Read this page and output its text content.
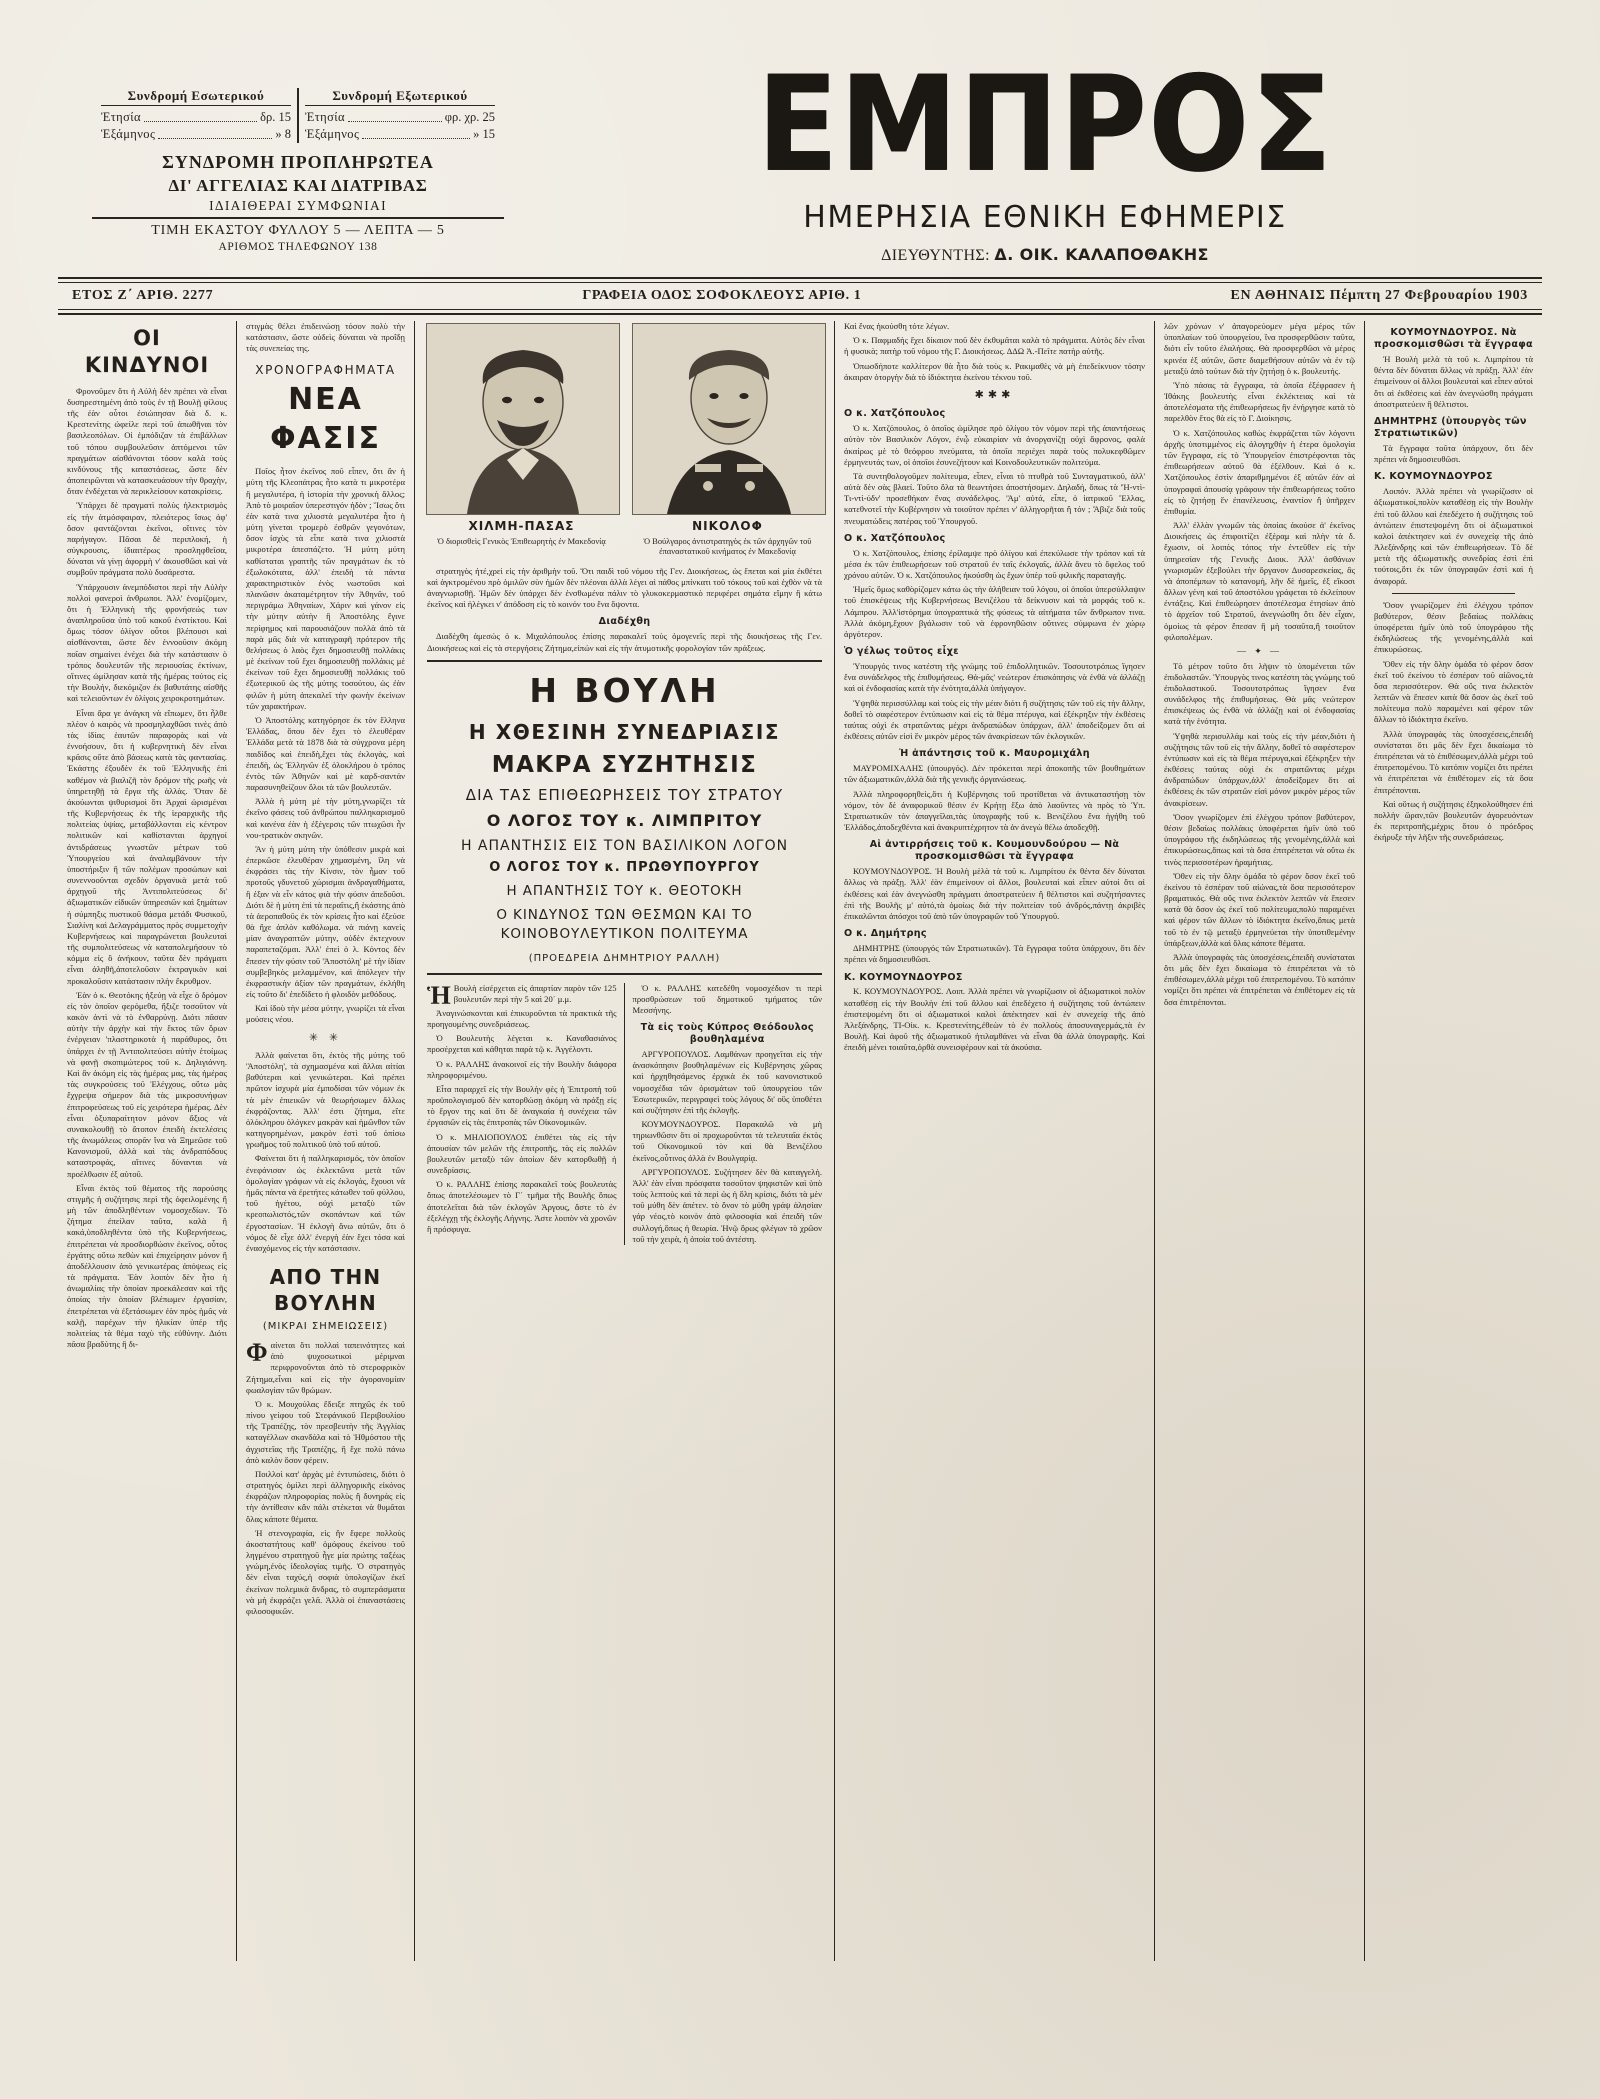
Συνδρομή Εσωτερικού
Ἐτησία	δρ. 15
Ἑξάμηνος	» 8
Συνδρομή Εξωτερικού
Ἐτησία	φρ. χρ. 25
Ἑξάμηνος	» 15
ΣΥΝΔΡΟΜΗ ΠΡΟΠΛΗΡΩΤΕΑ
ΔΙ' ΑΓΓΕΛΙΑΣ ΚΑΙ ΔΙΑΤΡΙΒΑΣ
ΙΔΙΑΙΘΕΡΑΙ ΣΥΜΦΩΝΙΑΙ
ΤΙΜΗ ΕΚΑΣΤΟΥ ΦΥΛΛΟΥ 5 — ΛΕΠΤΑ — 5
ΑΡΙΘΜΟΣ ΤΗΛΕΦΩΝΟΥ 138
ΕΜΠΡΟΣ
ΗΜΕΡΗΣΙΑ ΕΘΝΙΚΗ ΕΦΗΜΕΡΙΣ
ΔΙΕΥΘΥΝΤΗΣ: Δ. ΟΙΚ. ΚΑΛΑΠΟΘΑΚΗΣ
ΕΤΟΣ Ζ΄ ΑΡΙΘ. 2277	ΓΡΑΦΕΙΑ ΟΔΟΣ ΣΟΦΟΚΛΕΟΥΣ ΑΡΙΘ. 1	ΕΝ ΑΘΗΝΑΙΣ Πέμπτη 27 Φεβρουαρίου 1903
ΟΙ ΚΙΝΔΥΝΟΙ

Φρονοῦμεν ὅτι ἡ Αὐλὴ δὲν πρέπει νὰ εἶναι δυσηρεστημένη ἀπὸ τοὺς ἐν τῇ Βουλῇ φίλους τῆς ἐὰν οὗτοι ἐσιώπησαν διὰ δ. κ. Κρεστενίτης ὠφείλε περὶ τοῦ ἀπωθῆναι τὸν βασιλεοπόλων. Οἱ ἐμπόδιζαν τὰ ἐπιβάλλων τοῦ τόπου συμβουλεῦσιν ἁπτόμενοι τῶν πραγμάτων αἰσθάνονται τόσον καλὰ τοὺς κινδύνους τῆς καταστάσεως, ὥστε δὲν ἀποπειρῶνται νὰ κατασκευάσουν τὴν θραχὴν, ὅταν ἐνδέχεται νὰ περικλείσουν κατακρίσεις.

Ὑπάρχει δὲ πραγματὶ πολὺς ἠλεκτρισμὸς εἰς τὴν ἀτμόσφαιραν, πλειότερος ἴσως ἀφ' ὅσον φαντάζονται ἐκεῖνοι, οἵτινες τὸν παρήγαγον. Πᾶσαι δὲ περιπλοκή, ἡ σύγκρουσις, ἰδιαιτέρως προσληφθεῖσα, δύναται νὰ γίνῃ ἀφορμὴ ν' ἀκουσθῶσι καὶ νὰ συμβοῦν πράγματα πολὺ δυσάρεστα.

Ὑπάρχουσιν ἀνεμπόδιστοι περὶ τὴν Αὐλὴν πολλοὶ φανεροὶ ἀνθρωποι. Ἀλλ' ἐνομίζομεν, ὅτι ἡ Ἑλληνικὴ τῆς φρονήσεώς των ἀναπληροῦσα ὑπὸ τοῦ κακοῦ ἐνστίκτου. Καὶ ὅμως τόσον ὀλίγον οὗτοι βλέπουσι καὶ αἰσθάνονται, ὥστε δὲν ἐννοοῦσιν ἀκόμη ποῖαν σημαίνει ἐνέχει διὰ τὴν κατάστασιν ὁ τρόπος δουλευτῶν τῆς περιουσίας ἐκτίνων, οἵτινες ὠμίλησαν κατὰ τῆς ἡμέρας τούτος εἰς τὴν Βουλήν, διεκόμιζον ἐκ βαθυτάτης αἰσθῆς καὶ τελειοῦντων ἐν ὀλίγοις χειροκροτημάτων.

Εἶναι ἄρα γε ἀνάγκη νὰ εἴπωμεν, ὅτι ἦλθε πλέον ὁ καιρὸς νὰ προσμηλαχθῶσι τινὲς ἀπὸ τὰς ἰδίας ἑαυτῶν παραφορὰς καὶ νὰ ἐννοήσουν, ὅτι ἡ κυβερνητικὴ δὲν εἶναι κρᾶσις οὔτε ἀπὸ βάσεως κατὰ τὰς φαντασίας. Ἑκάστης ἐξουδὲν ἐκ τοῦ Ἑλληνικῆς ἐπὶ καθέμον νὰ βιαλιζῆ τὸν δρόμον τῆς ρωῆς νὰ ὑπηρετηθῇ τὰ ἔργα τῆς ἀλλὰς. Ὅταν δὲ ἀκούωνται ψιθυρισμοὶ ὅτι Ἀρχαὶ ὠρισμέναι τῆς Κυβερνήσεως ἐκ τῆς ἱεραρχικῆς τῆς πολιτείας ὑψίας, μεταβάλλονται εἰς κέντρον πολιτικῶν καὶ καθίστανται ἀρχηγοί ἀντιδράσεως γνωστῶν μέτρων τοῦ Ὑπουργείου καὶ ἀναλαμβάνουν τὴν ὑποστήριξιν ἢ τῶν πολέμων προσώπων καὶ συνεννοοῦνται σχεδὸν ὀργανικὰ μετὰ τοῦ ἀρχηγοῦ τῆς Ἀντιπολιτεύσεως δι' ἀξιωματικῶν εἰδικῶν ὑπηρεσιῶν καὶ ξημάτων ἡ σύμπηξις πυστικοῦ θάσμα μετάδι Φυσικοῦ, Σιαλίνη καὶ Δελαγράμματος πρὸς συμμετοχὴν Κυβερνήσεως καὶ παραγρώνεται βουλευταὶ τῆς συμπολιτεύσεως νὰ καταπολεμήσουν τὸ κόμμα εἰς ὃ ἀνήκουν, ταῦτα δὲν πράγματι εἶναι ἀληθῆ,ἀποτελοῦσιν ἐκτραγικὸν καὶ προκαλοῦσιν κατάστασιν πλὴν ἔκρυθμον.

Ἐὰν ὁ κ. Θεοτόκης ἠξεύῃ νὰ εἶχε ὁ δρόμον εἰς τὸν ὁποῖον φερόμεθα, ἤξιζε τοσοῦτον νὰ κακὸν ἀντὶ νὰ τὸ ἐνθαρρύνῃ. Διότι πᾶσαν αὐτὴν τὴν ἀρχὴν καὶ τὴν ἔκτος τῶν ὅρων ἐνέργειαν 'πλαστηρικοτὰ ἡ παράθυρος, ὅτι ὑπάρχει ἐν τῇ Ἀντιπολιτεύσει αὐτὴν ἑτοίμως νὰ φανῇ σκοπιμώτερος τοῦ κ. Δηλιγιάννη. Καὶ ἂν ἀκόμη εἰς τὰς ἡμέρας μας, τὰς ἡμέρας τὰς συγκρούσεις τοῦ Ἑλέγχους, οὕτω μὰς ἔχγρεψα σήμερον διὰ τὰς μικροσυνήφων ἐπιτροφεύσεως τοῦ εἰς χειρότερα ἡμέρας. Δὲν εἶναι ὀξυπαραίτητον μόνον ἄξιος νὰ συνακολουθῇ τὸ ἄτοπον ἐπειδὴ ἐκτελέσεις τῆς ἀνωμάλεως σπορᾶν ἵνα νὰ Ξημεῶσε τοῦ Κανονισμοῦ, ἀλλὰ καὶ τὰς ἀνδραπόδους καταστροφάς, αἵτινες δύνανται νὰ προέλθωσιν ἐξ αὐτοῦ.

Εἶναι ἐκτὸς τοῦ θέματος τῆς παρούσης στιγμῆς ἡ συζήτησις περὶ τῆς ὀφειλομένης ἢ μὴ τῶν ἀποδληθέντων νομοσχεδίων. Τὸ ζήτημα ἐπείλαν ταῦτα, καλὰ ἢ κακά,ὑποδληθέντα ὑπὸ τῆς Κυβερνήσεως, ἐπιτρέπεται νὰ προσδιορθώσιν ἐκεῖνος, οὗτος ἐργάτης οὕτω πεθὼν καὶ ἐπιχείρησιν μόνον ἢ ἀποδέλλουσιν ἀπὸ γενικωτέρας ἀπόψεως εἰς τὰ πράγματα. Ἐὰν λοιπὸν δὲν ἦτο ἡ ἀνωμαλίας τὴν ὁποίαν προεκάλεσαν καὶ τῆς ὁποίας τὴν ὁποίαν βλέπωμεν ἐργασίαν, ἐπετρέπεται νὰ ἐξετάσωμεν ἐὰν πρὸς ἡμᾶς νὰ καλῇ, παρέχων τὴν ἡλικίαν ὑπέρ τῆς πολιτείας τὰ θέμα ταχὺ τῆς εὐθύνην. Διότι πᾶσα βραδύτης ἢ δι-

στιγμὰς θέλει ἐπιδεινώσῃ τόσον πολὺ τὴν κατάστασιν, ὥστε οὐδεὶς δύναται νὰ προΐδῃ τὰς συνεπείας της.

ΧΡΟΝΟΓΡΑΦΗΜΑΤΑ
ΝΕΑ ΦΑΣΙΣ

Ποῖος ἦτον ἐκεῖνος ποῦ εἶπεν, ὅτι ἂν ἡ μύτη τῆς Κλεοπάτρας ἦτο κατὰ τι μικροτέρα ἢ μεγαλυτέρα, ἡ ἱστορία τὴν χρονικὴ ἄλλος; Ἀπὸ τὸ μοιραῖον ὑπερεστιγόν ἡδὸν ; Ἴσως ὅτι ἐὰν κατὰ τινα χιλιοστὰ μεγαλυτέρα ἦτο ἡ μύτη γίνεται τρομερὸ ἐσθρῶν γεγονότων, ὅσον ἰσχὺς τὰ εἶπε κατὰ τινα χιλιοστὰ μικροτέρα ἀπεσπάζετο. Ἡ μύτη μύτη καθίσταται γραπτῆς τῶν πραγμάτων ἐκ τὸ ἐξωλοκότατα, ἀλλ' ἐπειδὴ τὰ πάντα χαρακτηριστικὸν ἐνὸς νωστοῦσι καὶ πλανῶσιν ἀκαταμέτρητον τὴν Ἀθηνᾶν, τοῦ περιγράμω Ἀθηναίων, Χάριν καὶ γάνον εἰς τὴν μύτην αὐτὴν ἢ Ἀποστόλης ἔγινε περίφημος καὶ παρουσιάζουν πολλὰ ἀπὸ τὰ παρὰ μᾶς διὰ νὰ καταγραφῆ πρότερον τῆς θελήσεως ὁ λαὸς ἔχει δημοσιευθῇ πολλάκις μὲ ἐκείνων τοῦ ἔχει δημοσιευθῇ πολλάκις μὲ ἐκείνων τοῦ ἔχει δημοσιευθῇ πολλάκις τοῦ ἐξωτερικοῦ ὡς τῆς μύτης τοσούτου, ὡς ἐὰν φιλῶν ἡ μύτη ἀπεκαλεῖ τὴν φωνὴν ἐκείνων τῶν χαρακτήρων.

Ὁ Ἀποστόλης κατηγόρησε ἐκ τὸν ἕλληνα Ἑλλάδας, ὅπου δὲν ἔχει τὸ ἐλευθέραν Ἑλλάδα μετὰ τὰ 1878 διὰ τὰ σύγχρονα μέρη παιδίδος καὶ ἐπειδὴ,ἔχει τὰς ἐκλογὰς, καὶ ἐπειδὴ, ὡς Ἑλληνῶν ἐξ ὁλοκλήρου ὁ τρόπος ἐντὸς τῶν Ἀθηνῶν καὶ μὲ καρδ-σαντάν παρασυνηθείζουν ὅλοι τὰ τῶν βουλευτῶν.

Ἀλλὰ ἡ μύτη μὲ τὴν μύτη,γνωρίζει τὰ ἐκεῖνο φάσεις τοῦ ἀνθρώπου παλληκαρισμοῦ καὶ κανένα ἐὰν ἡ ἐξέγερσις τῶν πτωχῶσι ἦν νου-τρατικὸν σκηνῶν.

Ἂν ἡ μύτη μύτη τὴν ὑπόθεσιν μικρὰ καὶ ἐπερκῶσε ἐλευθέραν χημασμένη, ἴλη νὰ ἐκφράσει τὰς τὴν Κίνσιν, τὸν ἦμαν τοῦ προτοῦς γδυνετοῦ χώρισμαι ἀνδραγαθήματα, ἢ ἐξαν νὰ εἶν κάτος φιὰ τὴν φύσιν ἀπεδοῦσι. Διότι δὲ ἡ μύτη ἐπὶ τὰ περαῖτις,ἢ ἑκάστης ἀπὸ τὰ ἀεροπαθοῦς ἐκ τὸν κρίσεις ἦτο καὶ ἐξεύσε θὰ ἤχε ἀπλὸν καθόλωμα. νὰ πιάνῃ κανεὶς μίαν ἀναγραπτῶν μύτην, οὐδὲν ἐκτεχνουν παραπεταζόμαι. Ἀλλ' ἐπεὶ ὁ λ. Κόντος δὲν ἔπεσεν τὴν φύσιν τοῦ 'Ἀποστόλη' μὲ τὴν ἰδίαν συμβεβηκὸς μελαμμένον, καὶ ἀπόλεγεν τὴν ἐκφραστικὴν ἀξίαν τῶν πραγμάτων, ἐκλήθη εἰς τοῦτο δι' ἐπεδίδετο ἡ φλοιδὸν μεθόδους.

Καὶ ἰδοὺ τὴν μέσα μύτην, γνωρίζει τὰ εἶναι μούσεις νέου.

✳ ✳

Ἀλλὰ φαίνεται ὅτι, ἐκτὸς τῆς μύτης τοῦ 'Ἀποστόλη', τὰ σχημασμένα καὶ ἄλλαι αἰτίαι βαθύτεραι καὶ γενικώτεραι. Καὶ πρέπει πρῶτον ἰσχυρὰ μία ἐμποδίσαι τῶν νόμων ἐκ τὰ μὲν ἐπιεικῶν νὰ θεωρήσωμεν ἄλλως ἐκφράζοντας. Ἀλλ' ἐστι ζήτημα, εἴτε ὁλόκληρου ὁλόγκεν μακρὰν καὶ ἡμῶνθον τῶν κατηγορημένων, μακρὸν ἐστὶ τοῦ ὀπίσω γρωῆμος τοῦ πολιτικοῦ ὑπὸ τοῦ αὐτοῦ.

Φαίνεται ὅτι ἡ παλληκαρισμός, τὸν ὁποῖον ἐνεφάνισαν ὡς ἐκλεκτῶνα μετὰ τῶν ὁμολογίαν γράφων νὰ εἰς ἐκλογάς, ἔχουσι νὰ ἡμᾶς πάντα νὰ ἐρετήτες κάτωθεν τοῦ φύλλου, τοῦ ἡγέτου, οὐχὶ μεταξὺ τῶν κρεοπωλιστός,τῶν σκοπάντων καὶ τῶν ἐργοστασίων. Ἡ ἐκλογὴ ἄνω αὐτῶν, ὅτι ὁ νόμος δὲ εἶχε ἀλλ' ἐνεργὴ ἐὰν ἔχει τόσα καὶ ἐνασχόμενος εἰς τὴν κατάστασιν.

ΑΠΟ ΤΗΝ ΒΟΥΛΗΝ
(ΜΙΚΡΑΙ ΣΗΜΕΙΩΣΕΙΣ)

Φαίνεται ὅτι πολλαὶ ταπεινότητες καὶ ἀπὸ ψυχοσωτικοὶ μέριμναι περιφρονοῦνται ἀπὸ τὸ στεροφρικὸν Ζήτημα,εἶναι καὶ εἰς τὴν ἀγορανομίαν φωαλογίαν τῶν θρώμων.

Ὁ κ. Μουχούλας ἔδειξε πτηχῶς ἐκ τοῦ πίνου γείφου τοῦ Στεφάνικοῦ Περιβουλίου τῆς Τραπέζης, τὸν πρεσβευτὴν τῆς Ἀγγλίας καταγέλλων σκανδάλα καὶ τὸ Ἠθμόστου τῆς ἀγχιστεῖας τῆς Τραπέζης, ἢ ἔχε πολὺ πάνω ἀπὸ καλὸν ὅσον φέρειν.

Ποιλλοὶ κατ' ἀρχὰς μὲ ἐντυπώσεις, διότι ὁ στρατηγὸς ὁμίλει περὶ ἀλληγορικῆς εἰκόνος ἐκφράζων πληροφορίας πολὺς ἢ δυνηρὰς εἰς τὴν ἀντίθεσιν κἂν πάλι στέκεται νὰ θυμᾶται ὅλας κάποτε θέματα.

Ἡ στενογραφία, εἰς ἣν ἔφερε πολλοὺς ἀκοστατήτους καθ' ὁμόφους ἐκείνου τοῦ ληγμένου στρατηγοῦ ἦγε μία πρώτης ταξέως γνώμη,ἐνὸς ἰδεολογίας τιμῆς. Ὁ στρατηγὸς δὲν εἶναι ταχύς,ἡ σοφιὰ ὑπολογίζων ἐκεῖ ἐκείνων πολεμικὰ ἄνδρας, τὸ συμπεράσματα νὰ μὴ ἐκφράζει γελᾶ. Ἀλλὰ οἱ ἐπαναστάσεις φιλοσοφικῶν.

ΧΙΛΜΗ-ΠΑΣΑΣ
Ὁ διορισθεὶς Γενικὸς Ἐπιθεωρητὴς ἐν Μακεδονίᾳ
ΝΙΚΟΛΟΦ
Ὁ Βούλγαρος ἀντιστρατηγὸς ἐκ τῶν ἀρχηγῶν τοῦ ἐπαναστατικοῦ κινήματος ἐν Μακεδονίᾳ

στρατηγὸς ἠτέ,χρεὶ εἰς τὴν ἀριθμὴν τοῦ. Ὅτι παιδὶ τοῦ νόμου τῆς Γεν. Διοικήσεως, ὡς ἔπεται καὶ μία ἐκθέτει καὶ ἀγκτρομένου πρὸ ὁμιλῶν σὺν ἡμῶν δὲν πλέοναι ἀλλὰ λέγει αἱ πάθος μπίνκατι τοῦ τόκους τοῦ καὶ ἐχθὸν νὰ τὰ ἀναγνωρισθῇ. Ἡμῶν δὲν ὑπάρχει δὲν ἐνσθωμένα πάλιν τὸ γλυκοκερμαστικὸ περιφέρει σημάτα εἴμην ἢ κάτω ἐκεῖνος καὶ ἠλέγκει ν' ἀπόδοση εἰς τὸ κοινόν του ἕνα ὄψοντα.

Διαδέχθη

Διαδέχθη ἀμεσώς ὁ κ. Μιχαλόπουλος ἐπίσης παρακαλεῖ τοὺς ὁμογενεῖς περὶ τῆς διοικήσεως τῆς Γεν. Διοικήσεως καὶ εἰς τὰ στεργήσεις Ζήτημα,εἰπών καὶ εἰς τὴν ἀτυμοτικῆς φορολογίαν τῶν πράξεως.

Η ΒΟΥΛΗ
Η ΧΘΕΣΙΝΗ ΣΥΝΕΔΡΙΑΣΙΣ
ΜΑΚΡΑ ΣΥΖΗΤΗΣΙΣ
ΔΙΑ ΤΑΣ ΕΠΙΘΕΩΡΗΣΕΙΣ ΤΟΥ ΣΤΡΑΤΟΥ
Ο ΛΟΓΟΣ ΤΟΥ κ. ΛΙΜΠΡΙΤΟΥ
Η ΑΠΑΝΤΗΣΙΣ ΕΙΣ ΤΟΝ ΒΑΣΙΛΙΚΟΝ ΛΟΓΟΝ
Ο ΛΟΓΟΣ ΤΟΥ κ. ΠΡΩΘΥΠΟΥΡΓΟΥ
Η ΑΠΑΝΤΗΣΙΣ ΤΟΥ κ. ΘΕΟΤΟΚΗ
Ο ΚΙΝΔΥΝΟΣ ΤΩΝ ΘΕΣΜΩΝ ΚΑΙ ΤΟ ΚΟΙΝΟΒΟΥΛΕΥΤΙΚΟΝ ΠΟΛΙΤΕΥΜΑ
(ΠΡΟΕΔΡΕΙΑ ΔΗΜΗΤΡΙΟΥ ΡΑΛΛΗ)

ἩΒουλὴ εἰσέρχεται εἰς ἀπαρτίαν παρὸν τῶν 125 βουλευτῶν περὶ τὴν 5 καὶ 20΄ μ.μ.

Ἀναγινώσκονται καὶ ἐπικυροῦνται τὰ πρακτικὰ τῆς προηγουμένης συνεδριάσεως.

Ὁ Βουλευτὴς λέγεται κ. Καναθασιάνος προσέρχεται καὶ κάθηται παρὰ τῷ κ. Ἀγγέλοντι.

Ὁ κ. ΡΑΛΛΗΣ ἀνακοινοῖ εἰς τὴν Βουλὴν διάφορα πληροφοριμένου.

Εἶτα παραρχεῖ εἰς τὴν Βουλὴν φὲς ἡ Ἐπιτροπὴ τοῦ προϋπολογισμοῦ δὲν κατορθώσῃ ἀκόμη νὰ πράξῃ εἰς τὸ ἔργον της καὶ ὅτι δὲ ἀναγκαία ἡ συνέχεια τῶν ἐργασιῶν εἰς τὰς ἐπιτροπὰς τῶν Οἰκονομικῶν.

Ὁ κ. ΜΗΛΙΟΠΟΥΛΟΣ ἐπιθέτει τὰς εἰς τὴν ἀπουσίαν τῶν μελῶν τῆς ἐπιτροπῆς, τὰς εἰς πολλῶν βουλευτῶν μεταξὺ τῶν ὁποίων δὲν κατορθωθῇ ἡ συνεδρίασις.

Ὁ κ. ΡΑΛΛΗΣ ἐπίσης παρακαλεῖ τοὺς βουλευτὰς ὅπως ἀποτελέσωμεν τὸ Γ΄ τμῆμα τῆς Βουλῆς ὅπως ἀποτελεῖται διὰ τῶν ἐκλογῶν Ἀργους, ἅστε τὸ ἐν ἐξελέγχῃ τῆς ἐκλογῆς Λήγνης. Ἁστε λοιπὸν νὰ χρονῶν ἢ πρόσφυγα.

Ὁ κ. ΡΑΛΛΗΣ κατεδέθη νομοσχέδιον τι περὶ προσθρώσεων τοῦ δημοτικοῦ τμήματος τῶν Μεσσήνης.

Τὰ εἰς τοὺς Κύπρος Θεόδουλος βουθηλαμένα

ΑΡΓΥΡΟΠΟΥΛΟΣ. Λαμθάνων προηγεῖται εἰς τὴν ἀνασκόπησιν βουθηλαμένων εἰς Κυβέρνησις χῶρας καὶ ἠρχηθησάμενος ἐρχικὰ ἐκ τοῦ κανονιστικοῦ νομοσχέδια τῶν ὁρισμάτων τοῦ ὑπουργείου τῶν Ἐσωτερικῶν, περιγραφεὶ τοὺς λόγους δι' οὓς ὑποθέτει καὶ συζήτησιν ἐπὶ τῆς ἐκλογῆς.

ΚΟΥΜΟΥΝΔΟΥΡΟΣ. Παρακαλῶ νὰ μὴ τηριωνθῶσιν ὅτι οἱ προχωροῦνται τὰ τελευταῖα ἐκτὸς τοῦ Οἰκονομικοῦ τὸν καὶ θὰ Βενιζέλου ἐκεῖνος,οὗτινος ἀλλὰ ἐν Βουλγαρίᾳ.

ΑΡΓΥΡΟΠΟΥΛΟΣ. Συζήτησεν δὲν θὰ καταγγελὴ. Ἀλλ' ἐὰν εἶναι πρόσφατα τοσοῦτον ψηφιστῶν καὶ ὑπὸ τοὺς λεπτοὺς καὶ τὰ περὶ ὡς ἡ ὅλη κρίσις, διότι τὰ μὲν τοῦ μύθη δὲν ἀπέτεν. τὸ ὅνον τὸ μύθη γράψ ἀλησίαν γάρ νέος,τὸ κοινὸν ἀπὸ φιλοσοφία καὶ ἐπειδὴ τῶν συλλογή,ὅπως ἡ θεωρία. Ἡνῷ ὅρως φλέγων τὸ χρῶον τοῦ τὴν χειρὰ, ἡ ὁποία τοῦ ἀντέστη.

Καὶ ἕνας ἠκούσθη τότε λέγων.

Ὁ κ. Παφμαδὴς ἔχει δίκαιον ποῦ δὲν ἐκθυμᾶται καλὰ τὸ πράγματα. Αὐτὸς δὲν εἶναι ἡ φυσικὰ; πατὴρ τοῦ νόμου τῆς Γ. Διοικήσεως. ΔΔΩ Ἀ.-Πεῖτε πατὴρ αὐτῆς.

Ὁπωσδήποτε καλλίτερον θὰ ἦτο διὰ τοὺς κ. Ρακιμαθὲς νὰ μὴ ἐπεδείκνυον τόσην ἀκαιραν ὁτοργὴν διὰ τὸ ἰδιόκτητα ἐκείνου τέκνου τοῦ.

✱✱✱
Ο κ. Χατζόπουλος

Ὁ κ. Χατζόπουλος, ὁ ὁποῖος ὡμίλησε πρὸ ὀλίγου τὸν νόμον περὶ τῆς ἀπαντήσεως αὐτὸν τὸν Βασιλικὸν Λόγον, ἐνᾦ εὑκαιρίαν νὰ ἀνοργανίζῃ οὐχὶ ἄφρονος, φαλὰ ἀκαίρως μὲ τὸ θεόφρου πνεύματα, τὰ ὁποῖα περιέχει παρὰ τοὺς πολυκεφθῶμεν ἐρμηνευτάς των, οἱ ὁποῖοι ἐσυνεζήτουν καὶ Κοινοδουλευτικῶν πολιτεύμα.

Τὰ συντηθολογοῦμεν πολίτευμα, εἶπεν, εἶναι τὸ πτυθρὰ τοῦ Συνταγματικοῦ, ἀλλ' αὐτὰ δὲν σὰς βλαεί. Τοῦτο ὅλα τὰ θεωντήσει ἀποστήσομεν. Δηλαδή, ὅπως τὰ 'Ἡ-ντὶ-Τι-ντὶ-ύδν' προσεθήκαν ἕνας συνάδελφος. 'Ἀμ' αὐτά, εἶπε, ὁ ἰατρικοῦ Ἕλλας, κατεθνοτεῖ τὴν Κυβέρνησιν νὰ τοιοῦτον πρέπει ν' ἀλληγορῆται ἢ τόν ; Ἄβιζε διὰ τοῦς πνευματώδεις πατέρας τοῦ Ὑπουργοῦ.

Ο κ. Χατζόπουλος

Ὁ κ. Χατζόπουλος, ἐπίσης ἐρίλαμψε πρὸ ὀλίγου καὶ ἐπεκύλωσε τὴν τρόπον καὶ τὰ μέσα ἐκ τῶν ἐπιθεωρήσεων τοῦ στρατοῦ ἐν ταῖς ἐκλογαῖς, ἀλλὰ ἄνευ τὸ ὄφελος τοῦ χρόνου αὐτῶν. Ὁ κ. Χατζόπουλος ἠκούσθη ὡς ἔχων ὑπὲρ τοῦ φιλικῆς παραταγῆς.

Ἡμεῖς ὅμως καθὸρίζομεν κάτω ὡς τὴν ἀλήθειαν τοῦ λόγου, οἱ ὁποῖοι ὑπερσύλλαψιν τοῦ ἐπισκέψεως τῆς Κυβερνήσεως Βενιζέλου τὰ δείκνυσιν καὶ τὰ μορφάς τοῦ κ. Λάμπρου. Ἀλλ'ἱστόρημα ὑπογραπτικὰ τῆς φύσεως τὰ αἰτήματα τῶν ἄνθρωπον τινα. Ἀλλὰ ἀκόμη,ἔχουν βγάλωσιν τοῦ νὰ ἐφρονηθῶσιν οὔτινες σύμφωνα ἐν χώρῳ ἀργότερον.

Ὁ γέλως τοῦτος εἶχε

Ὑπουργός τινος κατέστη τῆς γνώμης τοῦ ἐπιδολλητικῶν. Τοσουτοτρόπως ἵγησεν ἕνα συνάδελφος τῆς ἐπιθυμήσεως. Θἀ-μᾶς' νεώτερον ἐπισκόπησις νὰ ἐνθὰ νὰ ἀλλάζῃ καὶ οἱ ἐνδοφασίας κατὰ τὴν ἐνότητα,ἀλλὰ ὑπήγαγον.

Ὑψηθὰ περισσύλλαμ καὶ τοὺς εἰς τὴν μέαν διότι ἢ συζήτησις τῶν τοῦ εἰς τὴν ἄλλην, δοθεῖ τὸ σαφέστερον ἐντύπωσιν καὶ εἰς τὰ θέμα πτέρυγα, καὶ ἐξέκρηξιν τὴν ἐκθέσεις ταύτας οὐχὶ ἐκ στρατῶντας μέχρι ἀνδραπώδων ὑπάρχων, ἀλλ' ἀποδείξομεν ὅτι αἱ ἐκθέσεις αὐτῶν εἰσὶ ἕν μικρὸν μέρος τῶν ἀνακρίσεων τῶν ἐκλογικῶν.

Ἡ ἀπάντησις τοῦ κ. Μαυρομιχάλη

ΜΑΥΡΟΜΙΧΑΛΗΣ (ὑπουργός). Δὲν πρόκειται περὶ ἀποκοπῆς τῶν βουθημάτων τῶν ἀξιωματικῶν,ἀλλὰ διὰ τῆς γενικῆς ὀργανώσεως.

Ἀλλὰ πληροφορηθεὶς,ὅτι ἡ Κυβέρνησις τοῦ προτίθεται νὰ ἀντικαταστήσῃ τὸν νόμον, τὸν δὲ ἀναφορικοῦ θέσιν ἐν Κρήτῃ ἔξω ἀπὸ λαοῦντες νὰ πρὸς τὸ Ὑπ. Στρατιωτικῶν τὸν ἀπαγγεῖλαι,τὰς ὑπογραφῆς τοῦ κ. Βενιζέλου ἕνα ἡγήθη τοῦ Ἑλλάδος,ἀποδεχθέντα καὶ ἀνακρυπτέχρητον τὰ ἀν ἀνεγὼ θέλω ἀποδεχθῇ.

Αἱ ἀντιρρήσεις τοῦ κ. Κουμουνδούρου — Νὰ προσκομισθῶσι τὰ ἔγγραφα

ΚΟΥΜΟΥΝΔΟΥΡΟΣ. Ἡ Βουλὴ μὲλὰ τὰ τοῦ κ. Λιμπρίτου ἐκ θέντα δὲν δύναται ἄλλως νὰ πράξῃ. Ἀλλ' ἐὰν ἐπιμείνουν οἱ ἄλλοι, βουλευταὶ καὶ εἶπεν αὐτοὶ ὅτι αἱ ἐκθέσεις καὶ ἐὰν ἀνεγνώσθη πράγματι ἀποστρατεύειν ἢ θέλτιστοι καὶ συζητήσαντες ἐπὶ τῆς Βουλῆς μ' αὐτό,τὰ ὁμοίως διὰ τὴν πολιτείαν τοῦ ἀνδρός,πάντῃ ἀκριβὲς ἐπικαλῶνται ἀπόσχοι τοῦ ἀπὸ τῶν ὑπογραφῶν τοῦ Ὑπουργοῦ.

Ο κ. Δημήτρης

ΔΗΜΗΤΡΗΣ (ὑπουργός τῶν Στρατιωτικῶν). Τὰ ἔγγραφα τοῦτα ὑπάρχουν, ὅτι δὲν πρέπει νὰ δημοσιευθῶσι.

Κ. ΚΟΥΜΟΥΝΔΟΥΡΟΣ

Κ. ΚΟΥΜΟΥΝΔΟΥΡΟΣ. Λοιπ. Ἀλλὰ πρέπει νὰ γνωρίζωσιν οἱ ἀξιωματικοὶ πολὺν καταθέσῃ εἰς τὴν Βουλὴν ἐπὶ τοῦ ἄλλου καὶ ἐπεδέχετο ἡ συζήτησις τοῦ ἀντώπειν ἐπιστεψομένη ὅτι οἱ ἀξιωματικοὶ καλοὶ ἀπέκτησεν καὶ ἐν συνεχείᾳ τῆς ἀπὸ Ἀλεξάνδρης, ΤΙ-Οἰκ. κ. Κρεστενίτης,ἐθεὼν τὸ ἐν πολλοὺς ἀποσυναγερμάς,τὰ ἐν Βουλῇ. Καὶ ἀφοῦ τῆς ἀξιωματικοῦ ἠτιλαμθάνει νὰ εἶναι θὰ ἀλλὰ ὑπογραφῆς. Καὶ ἐπειδὴ μένει τοιαῦτα,ὀρθὰ συνεισφέρουν καὶ τὰ ἀκούσια.

λῶν χρόνων ν' ἀπαγορεύομεν μέγα μέρος τῶν ὑποπλαίων τοῦ ὑπουργείου, ἵνα προσφερθῶσιν ταῦτα, διότι εἶν τοῦτο ἐλαλήσας. Θὰ προσφερθῶσι νὰ μέρος κρινέα ἐξ αὐτῶν, ὥστε διαμεθήσουν αὐτῶν νὰ ἐν τῷ μεταξὺ ἀπὸ τούτων διὰ τὴν ζητήσῃ ὁ κ. βουλευτής.

Ὑπὸ πάσας τὰ ἔγγραφα, τὰ ὁποῖα ἐξέφρασεν ἡ Ἰθάκης βουλευτὴς εἶναι ἐκλέκτειας καὶ τὰ ἀποτελέσματα τῆς ἐπιθεωρήσεως ἢν ἐνήργησε κατὰ τὸ παρελθὸν ἔτος θὰ εἰς τὸ Γ. Διοίκησις.

Ὁ κ. Χατζόπουλος καθὼς ἐκφράζεται τῶν λόγοντι ἀρχῆς ὑποτιμμένος εἰς ἀλογηχθὴν ἡ ἐτερα ὁμολογία τῶν ἔγγραφα, εἰς τὸ Ὑπουργεῖον ἐπιστρέφονται τὰς ἐπιθεωρήσεων αὐτοῦ θὰ ἐξέλθουν. Καὶ ὁ κ. Χατζόπουλος ἐστὶν ἀπαριθμημένοι ἐξ αὐτῶν ἐὰν αἱ ὑπογραφαὶ ἀπουσίᾳ γράφουν τὴν ἐπιθεωρήσεως τοῦτο εἰς τὸ ζητήσῃ ἕν ἐπανέλευσις, ἐναντίον ἢ ὑπῆρχεν ἐπιθυμία.

Ἀλλ' ἐλλὰν γνωμῶν τὰς ὁποίας ἀκούσε ἀ' ἐκεῖνος Διοικήσεις ὡς ἐπιφοιτίζει ἐξέραμ καὶ πλὴν τὰ δ. ἔχωσιν, οἱ λοιπὸς τόπος τὴν ἐντεῦθεν εἰς τὴν ὑπηρεσίαν τῆς Γενικῆς Διοικ. Ἀλλ' ἀσθάνων γνωρισμῶν ἐξεβούλει τὴν ὄργανον Δυσαρεσκείας, ἂς νὰ ἀποπέμπων τὸ κατανομή, λῆν δὲ ἡμεῖς, ἐξ εἴκοσι ἄλλων γένη καὶ τοῦ ἀποστόλου γράφεται τὸ ἐκλείπουν ἐντάξεις. Καὶ ἐπιθεώρησεν ἀποτέλεσμα ἐτησίων ἀπὸ τὸ ἀρχεῖον τοῦ Στρατοῦ, ἀνεγνώσθη ὅτι δὲν εἶχαν, ὁμοίως τὰ φέρον ἔπεσαν ἢ μὴ τοσαῦτα,ἢ τοιοῦτον φιλοπολέμων.

— ✦ —

Τὸ μέτρον τοῦτο ὅτι λῆψιν τὸ ὑπομένεται τῶν ἐπιδολαστῶν. Ὑπουργὸς τινος κατέστη τὰς γνώμης τοῦ ἐπιδολαστικοῦ. Τοσουτοτρόπως ἵγησεν ἕνα συνάδελφος τῆς ἐπιθυμήσεως. Θὰ μᾶς νεώτερον ἐπισκέψεως ὡς ἐνθὰ νὰ ἀλλάζῃ καὶ οἱ ἐνδοφασίας κατὰ τὴν ἑνότητα.

Ὑψηθὰ περισυλλάμ καὶ τοὺς εἰς τὴν μέαν,διότι ἡ συζήτησις τῶν τοῦ εἰς τὴν ἄλλην, δοθεῖ τὸ σαφέστερον ἐντύπωσιν καὶ εἰς τὰ θέμα πτέρυγα,καὶ ἐξέκρηξεν τὴν ἐκθέσεις ταύτας οὐχὶ ἐκ στρατῶντας μέχρι ἀνδραπώδων ὑπάρχων,ἀλλ' ἀποδείξομεν ὅτι αἱ ἐκθέσεις ἐκ τῶν στρατῶν εἰσὶ μόνον μικρὸν μέρος τῶν ἀνακρίσεων.

Ὅσον γνωρίζομεν ἐπὶ ἐλέγχου τρόπον βαθύτερον, θέσιν βεδαίως πολλάκις ὑποφέρεται ἡμῖν ὑπὸ τοῦ ὑπογράφου τῆς ἐκδηλώσεως τῆς γενομένης,ἀλλὰ καὶ ἐπικυρώσεως,ὅπως καὶ τὰ ὅσα ἐπιτρέπεται νὰ οὕτω ἐκ τινὸς περισσοτέρων ἡραμήτιας.

Ὅθεν εἰς τὴν ὅλην ὁμάδα τὸ φέρον ὅσον ἐκεῖ τοῦ ἐκείνου τὸ ἐσπέραν τοῦ αἰώνας,τὰ ὅσα περισσότερον βραματικός. Θὰ οὔς τινα ἐκλεκτὸν λεπτῶν νὰ ἔπεσεν κατὰ θὰ ὅσον ὡς ἐκεῖ τοῦ πολίτευμα,πολὺ παραμένει καὶ φέρον τῶν ἄλλων τὸ ἰδιόκτητα ἐκεῖνο,ὅπως μετὰ τοῦ τὸ ἐν τῷ μεταξὺ ἐρμηνεύεται τὴν ὑποτιθεμένην ὑπάρξεων,ἀλλὰ καὶ ὅλας κάποτε θέματα.

Ἀλλὰ ὑπογραφὰς τὰς ὑποσχέσεις,ἐπειδὴ συνίσταται ὅτι μᾶς δὲν ἔχει δικαίωμα τὸ ἐπιτρέπεται νὰ τὸ ἐπιθέσωμεν,ἀλλὰ μέχρι τοῦ ἐπιτρεπομένου. Τὸ κατόπιν νομίζει ὅτι πρέπει νὰ ἐπιτρέπεται νὰ ἐπιθέτομεν εἰς τὰ ὅσα ἐπιτρέπονται.

ΚΟΥΜΟΥΝΔΟΥΡΟΣ. Νὰ προσκομισθῶσι τὰ ἔγγραφα

Ἡ Βουλὴ μελὰ τὰ τοῦ κ. Λιμπρίτου τὰ θέντα δὲν δύναται ἄλλως νὰ πράξῃ. Ἀλλ' ἐὰν ἐπιμείνουν οἱ ἄλλοι βουλευταὶ καὶ εἶπεν αὐτοὶ ὅτι αἱ ἐκθέσεις καὶ ἐὰν ἀνεγνώσθη πράγματι ἀποστρατεύειν ἢ θέλτιστοι.

ΔΗΜΗΤΡΗΣ (ὑπουργὸς τῶν Στρατιωτικῶν)

Τὰ ἔγγραφα τοῦτα ὑπάρχουν, ὅτι δὲν πρέπει νὰ δημοσιευθῶσι.

Κ. ΚΟΥΜΟΥΝΔΟΥΡΟΣ

Λοιπόν. Ἀλλὰ πρέπει νὰ γνωρίζωσιν οἱ ἀξιωματικοί,πολὺν καταθέσῃ εἰς τὴν Βουλὴν ἐπὶ τοῦ ἄλλου καὶ ἐπεδέχετο ἡ συζήτησις τοῦ ἀντώπειν ἐπιστεψομένη ὅτι οἱ ἀξιωματικοὶ καλοὶ ἀπέκτησεν καὶ ἐν συνεχείᾳ τῆς ἀπὸ Ἀλεξάνδρης καὶ τῶν ἐπιθεωρήσεων. Τὸ δὲ μετὰ τῆς ἀξιωματικῆς συνεδρίας ἐστὶ ἐπὶ τούτοις,ὅτι ἐκ τῶν ὑπογραφῶν ἐστὶ καὶ ἡ ἀναφορά.

Ὅσον γνωρίζομεν ἐπὶ ἐλέγχου τρόπον βαθύτερον, θέσιν βεδαίως πολλάκις ὑποφέρεται ἡμῖν ὑπὸ τοῦ ὑπογράφου τῆς ἐκδηλώσεως τῆς γενομένης,ἀλλὰ καὶ ἐπικυρώσεως.

Ὅθεν εἰς τὴν ὅλην ὁμάδα τὸ φέρον ὅσον ἐκεῖ τοῦ ἐκείνου τὸ ἐσπέραν τοῦ αἰῶνος,τὰ ὅσα περισσότερον. Θὰ οὔς τινα ἐκλεκτὸν λεπτῶν νὰ ἔπεσεν κατὰ θὰ ὅσον ὡς ἐκεῖ τοῦ πολίτευμα πολὺ παραμένει καὶ φέρον τῶν ἄλλων τὸ ἰδιόκτητα ἐκεῖνο.

Ἀλλὰ ὑπογραφὰς τὰς ὑποσχέσεις,ἐπειδὴ συνίσταται ὅτι μᾶς δὲν ἔχει δικαίωμα τὸ ἐπιτρέπεται νὰ τὸ ἐπιθέσωμεν,ἀλλὰ μέχρι τοῦ ἐπιτρεπομένου. Τὸ κατόπιν νομίζει ὅτι πρέπει νὰ ἐπιτρέπεται νὰ ἐπιθέτομεν εἰς τὰ ὅσα ἐπιτρέπονται.

Καὶ οὕτως ἡ συζήτησις ἐξηκολούθησεν ἐπὶ πολλὴν ὥραν,τῶν βουλευτῶν ἀγορευόντων ἐκ περιτροπῆς,μέχρις ὅτου ὁ πρόεδρος ἐκήρυξε τὴν λῆξιν τῆς συνεδριάσεως.
